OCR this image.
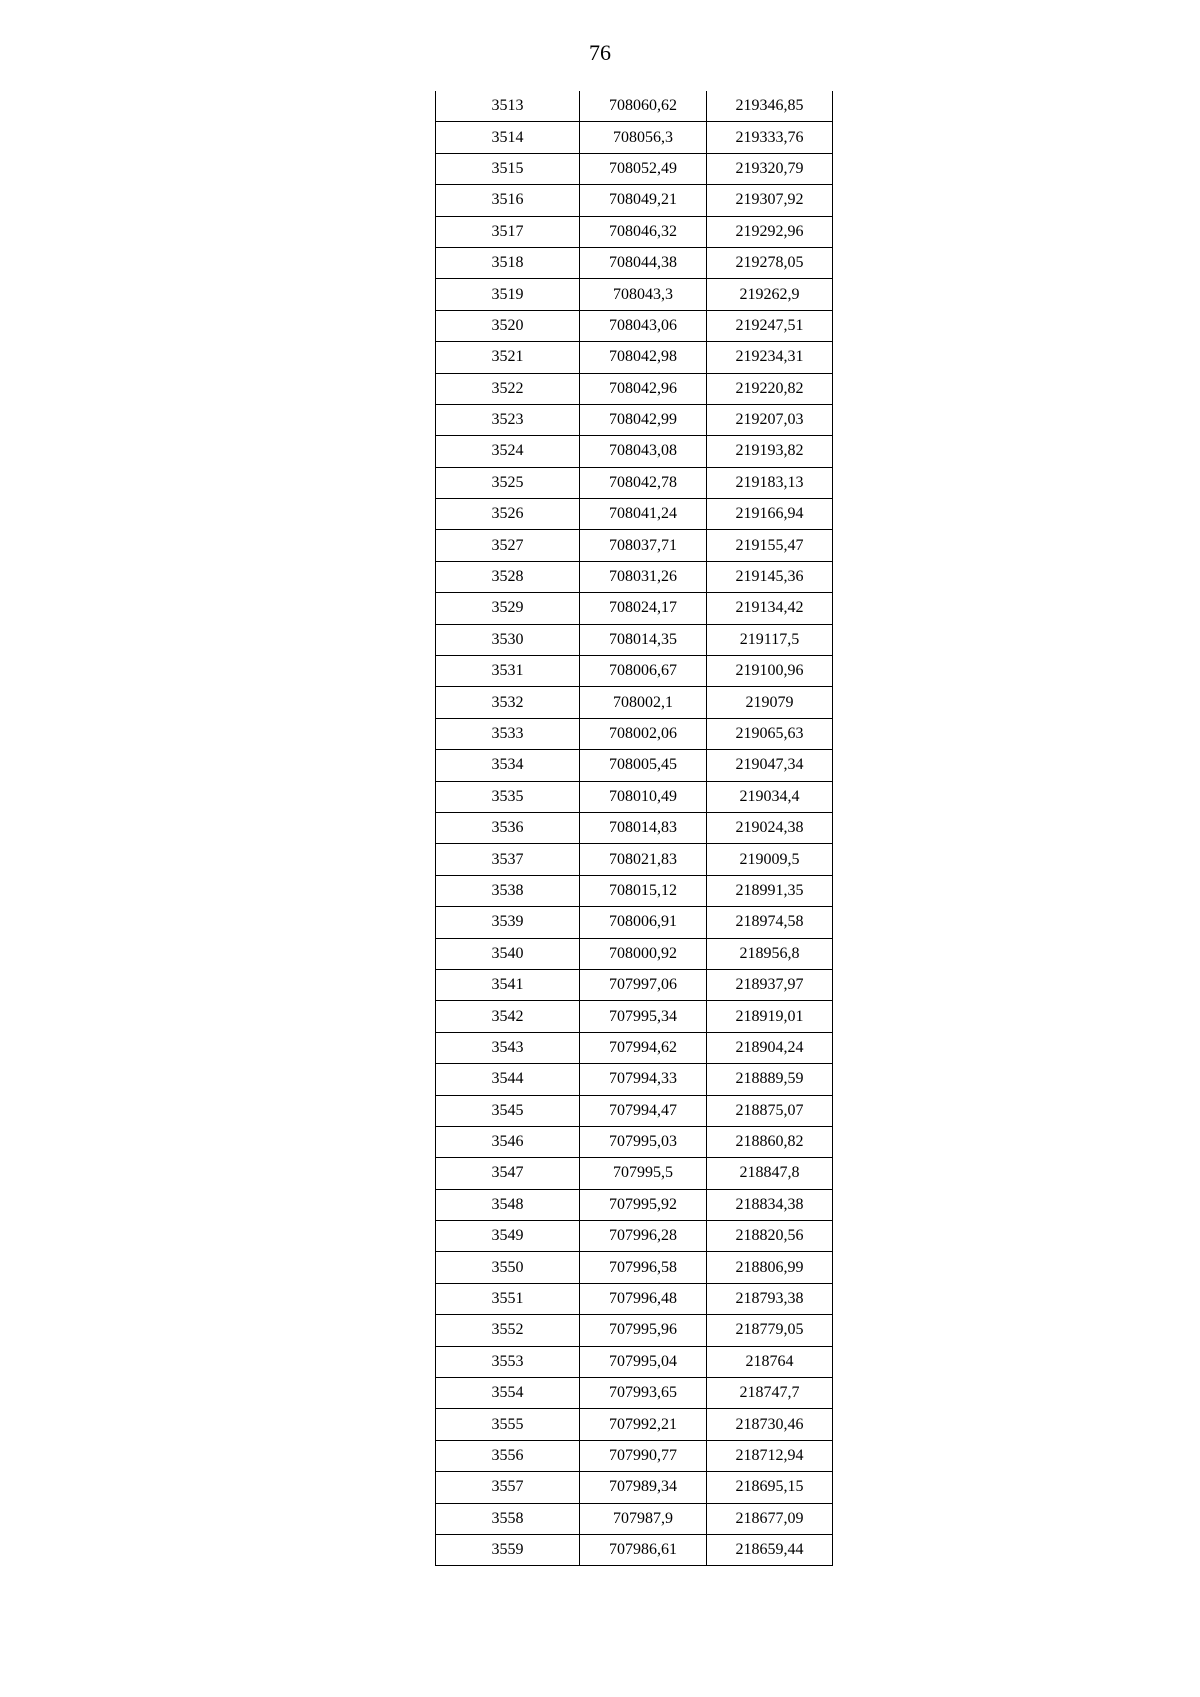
76
3513	708060,62	219346,85
3514	708056,3	219333,76
3515	708052,49	219320,79
3516	708049,21	219307,92
3517	708046,32	219292,96
3518	708044,38	219278,05
3519	708043,3	219262,9
3520	708043,06	219247,51
3521	708042,98	219234,31
3522	708042,96	219220,82
3523	708042,99	219207,03
3524	708043,08	219193,82
3525	708042,78	219183,13
3526	708041,24	219166,94
3527	708037,71	219155,47
3528	708031,26	219145,36
3529	708024,17	219134,42
3530	708014,35	219117,5
3531	708006,67	219100,96
3532	708002,1	219079
3533	708002,06	219065,63
3534	708005,45	219047,34
3535	708010,49	219034,4
3536	708014,83	219024,38
3537	708021,83	219009,5
3538	708015,12	218991,35
3539	708006,91	218974,58
3540	708000,92	218956,8
3541	707997,06	218937,97
3542	707995,34	218919,01
3543	707994,62	218904,24
3544	707994,33	218889,59
3545	707994,47	218875,07
3546	707995,03	218860,82
3547	707995,5	218847,8
3548	707995,92	218834,38
3549	707996,28	218820,56
3550	707996,58	218806,99
3551	707996,48	218793,38
3552	707995,96	218779,05
3553	707995,04	218764
3554	707993,65	218747,7
3555	707992,21	218730,46
3556	707990,77	218712,94
3557	707989,34	218695,15
3558	707987,9	218677,09
3559	707986,61	218659,44
